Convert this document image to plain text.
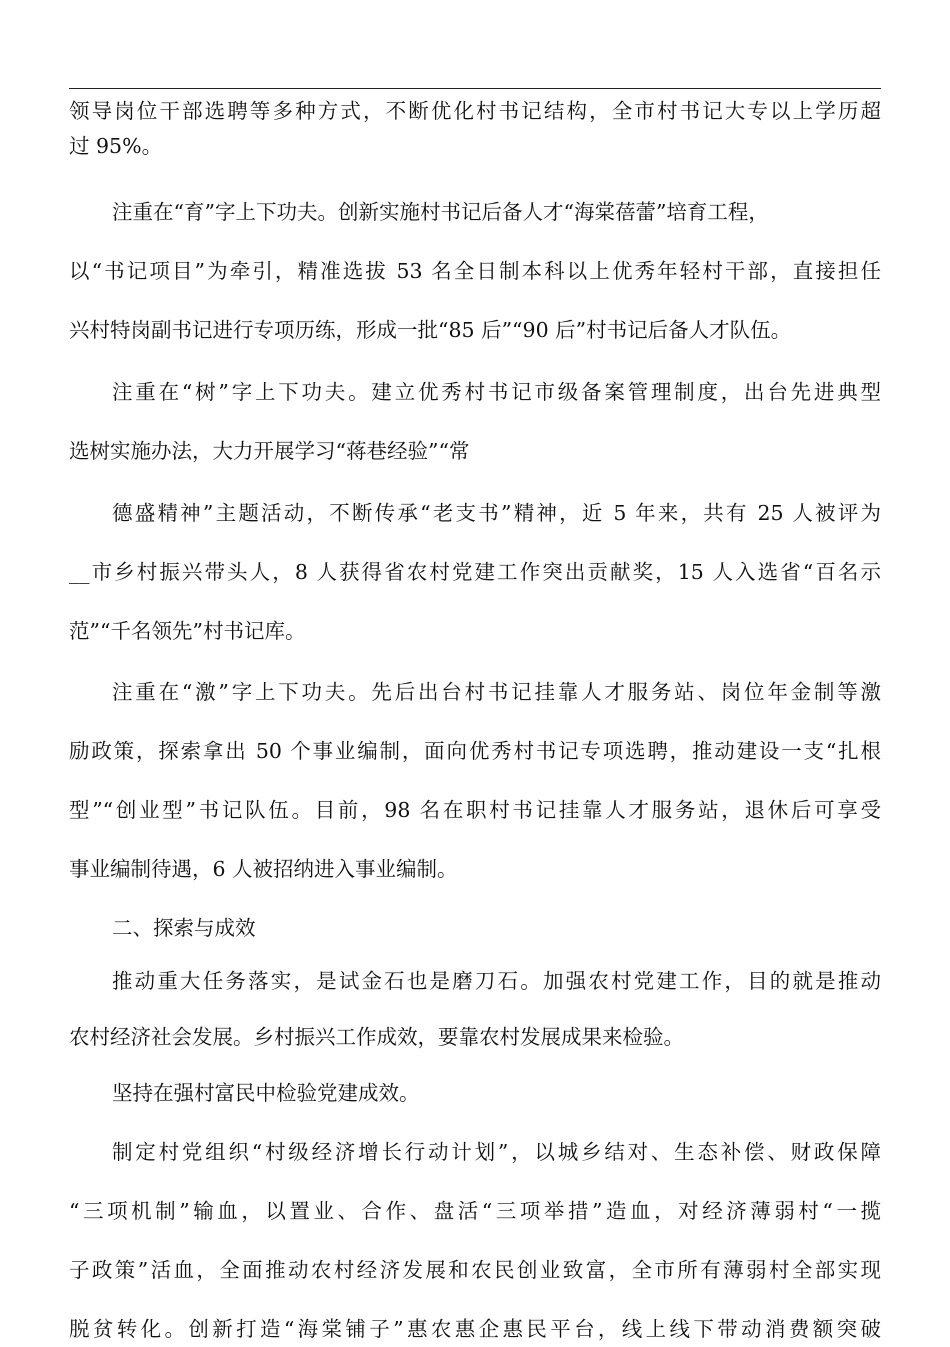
领导岗位干部选聘等多种方式，不断优化村书记结构，全市村书记大专以上学历超
过 95%。
注重在“育”字上下功夫。创新实施村书记后备人才“海棠蓓蕾”培育工程，
以“书记项目”为牵引，精准选拔 53 名全日制本科以上优秀年轻村干部，直接担任
兴村特岗副书记进行专项历练，形成一批“85 后”“90 后”村书记后备人才队伍。
注重在“树”字上下功夫。建立优秀村书记市级备案管理制度，出台先进典型
选树实施办法，大力开展学习“蒋巷经验”“常
德盛精神”主题活动，不断传承“老支书”精神，近 5 年来，共有 25 人被评为
__市乡村振兴带头人，8 人获得省农村党建工作突出贡献奖，15 人入选省“百名示
范”“千名领先”村书记库。
注重在“激”字上下功夫。先后出台村书记挂靠人才服务站、岗位年金制等激
励政策，探索拿出 50 个事业编制，面向优秀村书记专项选聘，推动建设一支“扎根
型”“创业型”书记队伍。目前，98 名在职村书记挂靠人才服务站，退休后可享受
事业编制待遇，6 人被招纳进入事业编制。
二、探索与成效
推动重大任务落实，是试金石也是磨刀石。加强农村党建工作，目的就是推动
农村经济社会发展。乡村振兴工作成效，要靠农村发展成果来检验。
坚持在强村富民中检验党建成效。
制定村党组织“村级经济增长行动计划”，以城乡结对、生态补偿、财政保障
“三项机制”输血，以置业、合作、盘活“三项举措”造血，对经济薄弱村“一揽
子政策”活血，全面推动农村经济发展和农民创业致富，全市所有薄弱村全部实现
脱贫转化。创新打造“海棠铺子”惠农惠企惠民平台，线上线下带动消费额突破
